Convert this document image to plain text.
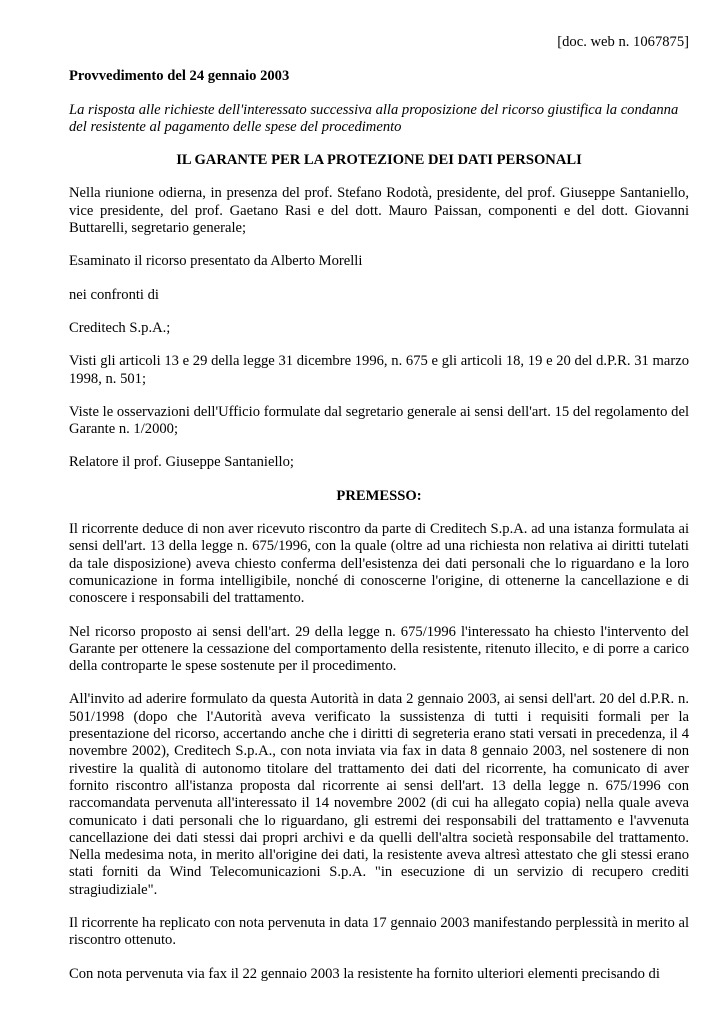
[doc. web n. 1067875]
Provvedimento del 24 gennaio 2003
La risposta alle richieste dell'interessato successiva alla proposizione del ricorso giustifica la condanna del resistente al pagamento delle spese del procedimento
IL GARANTE PER LA PROTEZIONE DEI DATI PERSONALI
Nella riunione odierna, in presenza del prof. Stefano Rodotà, presidente, del prof. Giuseppe Santaniello, vice presidente, del prof. Gaetano Rasi e del dott. Mauro Paissan, componenti e del dott. Giovanni Buttarelli, segretario generale;
Esaminato il ricorso presentato da Alberto Morelli
nei confronti di
Creditech S.p.A.;
Visti gli articoli 13 e 29 della legge 31 dicembre 1996, n. 675 e gli articoli 18, 19 e 20 del d.P.R. 31 marzo 1998, n. 501;
Viste le osservazioni dell'Ufficio formulate dal segretario generale ai sensi dell'art. 15 del regolamento del Garante n. 1/2000;
Relatore il prof. Giuseppe Santaniello;
PREMESSO:
Il ricorrente deduce di non aver ricevuto riscontro da parte di Creditech S.p.A. ad una istanza formulata ai sensi dell'art. 13 della legge n. 675/1996, con la quale (oltre ad una richiesta non relativa ai diritti tutelati da tale disposizione) aveva chiesto conferma dell'esistenza dei dati personali che lo riguardano e la loro comunicazione in forma intelligibile, nonché di conoscerne l'origine, di ottenerne la cancellazione e di conoscere i responsabili del trattamento.
Nel ricorso proposto ai sensi dell'art. 29 della legge n. 675/1996 l'interessato ha chiesto l'intervento del Garante per ottenere la cessazione del comportamento della resistente, ritenuto illecito, e di porre a carico della controparte le spese sostenute per il procedimento.
All'invito ad aderire formulato da questa Autorità in data 2 gennaio 2003, ai sensi dell'art. 20 del d.P.R. n. 501/1998 (dopo che l'Autorità aveva verificato la sussistenza di tutti i requisiti formali per la presentazione del ricorso, accertando anche che i diritti di segreteria erano stati versati in precedenza, il 4 novembre 2002), Creditech S.p.A., con nota inviata via fax in data 8 gennaio 2003, nel sostenere di non rivestire la qualità di autonomo titolare del trattamento dei dati del ricorrente, ha comunicato di aver fornito riscontro all'istanza proposta dal ricorrente ai sensi dell'art. 13 della legge n. 675/1996 con raccomandata pervenuta all'interessato il 14 novembre 2002 (di cui ha allegato copia) nella quale aveva comunicato i dati personali che lo riguardano, gli estremi dei responsabili del trattamento e l'avvenuta cancellazione dei dati stessi dai propri archivi e da quelli dell'altra società responsabile del trattamento. Nella medesima nota, in merito all'origine dei dati, la resistente aveva altresì attestato che gli stessi erano stati forniti da Wind Telecomunicazioni S.p.A. "in esecuzione di un servizio di recupero crediti stragiudiziale".
Il ricorrente ha replicato con nota pervenuta in data 17 gennaio 2003 manifestando perplessità in merito al riscontro ottenuto.
Con nota pervenuta via fax il 22 gennaio 2003 la resistente ha fornito ulteriori elementi precisando di
